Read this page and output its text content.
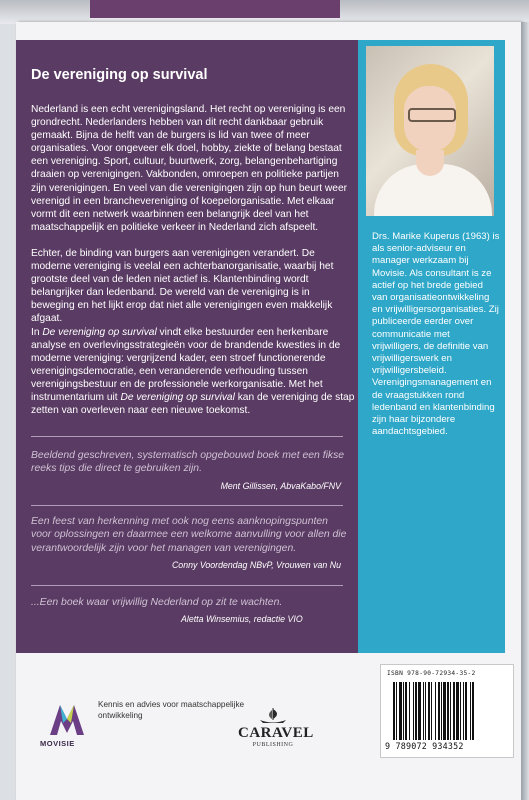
Drs. Marike Kuperus (1963) is als senior-adviseur en manager werkzaam bij Movisie. Als consultant is ze actief op het brede gebied van organisatieontwikkeling en vrijwilligersorganisaties. Zij publiceerde eerder over communicatie met vrijwilligers, de definitie van vrijwilligerswerk en vrijwilligersbeleid. Verenigingsmanagement en de vraagstukken rond ledenband en klantenbinding zijn haar bijzondere aandachtsgebied.
De vereniging op survival

Nederland is een echt verenigingsland. Het recht op vereniging is een grondrecht. Nederlanders hebben van dit recht dankbaar gebruik gemaakt. Bijna de helft van de burgers is lid van twee of meer organisaties. Voor ongeveer elk doel, hobby, ziekte of belang bestaat een vereniging. Sport, cultuur, buurtwerk, zorg, belangenbehartiging draaien op verenigingen. Vakbonden, omroepen en politieke partijen zijn verenigingen. En veel van die verenigingen zijn op hun beurt weer verenigd in een branchevereniging of koepelorganisatie. Met elkaar vormt dit een netwerk waarbinnen een belangrijk deel van het maatschappelijk en politieke verkeer in Nederland zich afspeelt.

Echter, de binding van burgers aan verenigingen verandert. De moderne vereniging is veelal een achterbanorganisatie, waarbij het grootste deel van de leden niet actief is. Klantenbinding wordt belangrijker dan ledenband. De wereld van de vereniging is in beweging en het lijkt erop dat niet alle verenigingen even makkelijk afgaat.

In De vereniging op survival vindt elke bestuurder een herkenbare analyse en overlevingsstrategieën voor de brandende kwesties in de moderne vereniging: vergrijzend kader, een stroef functionerende verenigingsdemocratie, een veranderende verhouding tussen verenigingsbestuur en de professionele werkorganisatie. Met het instrumentarium uit De vereniging op survival kan de vereniging de stap zetten van overleven naar een nieuwe toekomst.

Beeldend geschreven, systematisch opgebouwd boek met een fikse reeks tips die direct te gebruiken zijn.

Ment Gillissen, AbvaKabo/FNV

Een feest van herkenning met ook nog eens aanknopingspunten voor oplossingen en daarmee een welkome aanvulling voor allen die verantwoordelijk zijn voor het managen van verenigingen.

Conny Voordendag NBvP, Vrouwen van Nu

...Een boek waar vrijwillig Nederland op zit te wachten.

Aletta Winsemius, redactie VIO

MOVISIE
Kennis en advies voor maatschappelijke ontwikkeling
CARAVEL
PUBLISHING
ISBN 978-90-72934-35-2
9 789072 934352
